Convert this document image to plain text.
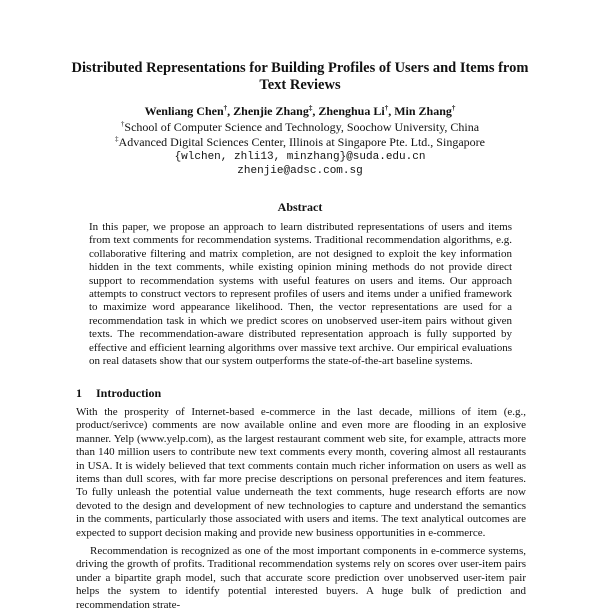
Distributed Representations for Building Profiles of Users and Items from Text Reviews
Wenliang Chen†, Zhenjie Zhang‡, Zhenghua Li†, Min Zhang†
†School of Computer Science and Technology, Soochow University, China
‡Advanced Digital Sciences Center, Illinois at Singapore Pte. Ltd., Singapore
{wlchen, zhli13, minzhang}@suda.edu.cn
zhenjie@adsc.com.sg
Abstract

In this paper, we propose an approach to learn distributed representations of users and items from text comments for recommendation systems. Traditional recommendation algorithms, e.g. collaborative filtering and matrix completion, are not designed to exploit the key information hidden in the text comments, while existing opinion mining methods do not provide direct support to recommendation systems with useful features on users and items. Our approach attempts to construct vectors to represent profiles of users and items under a unified framework to maximize word appearance likelihood. Then, the vector representations are used for a recommendation task in which we predict scores on unobserved user-item pairs without given texts. The recommendation-aware distributed representation approach is fully supported by effective and efficient learning algorithms over massive text archive. Our empirical evaluations on real datasets show that our system outperforms the state-of-the-art baseline systems.

1 Introduction

With the prosperity of Internet-based e-commerce in the last decade, millions of item (e.g., product/serivce) comments are now available online and even more are flooding in an explosive manner. Yelp (www.yelp.com), as the largest restaurant comment web site, for example, attracts more than 140 million users to contribute new text comments every month, covering almost all restaurants in USA. It is widely believed that text comments contain much richer information on users as well as items than dull scores, with far more precise descriptions on personal preferences and item features. To fully unleash the potential value underneath the text comments, huge research efforts are now devoted to the design and development of new technologies to capture and understand the semantics in the comments, particularly those associated with users and items. The text analytical outcomes are expected to support decision making and provide new business opportunities in e-commerce.

Recommendation is recognized as one of the most important components in e-commerce systems, driving the growth of profits. Traditional recommendation systems rely on scores over user-item pairs under a bipartite graph model, such that accurate score prediction over unobserved user-item pair helps the system to identify potential interested buyers. A huge bulk of prediction and recommendation strate-
